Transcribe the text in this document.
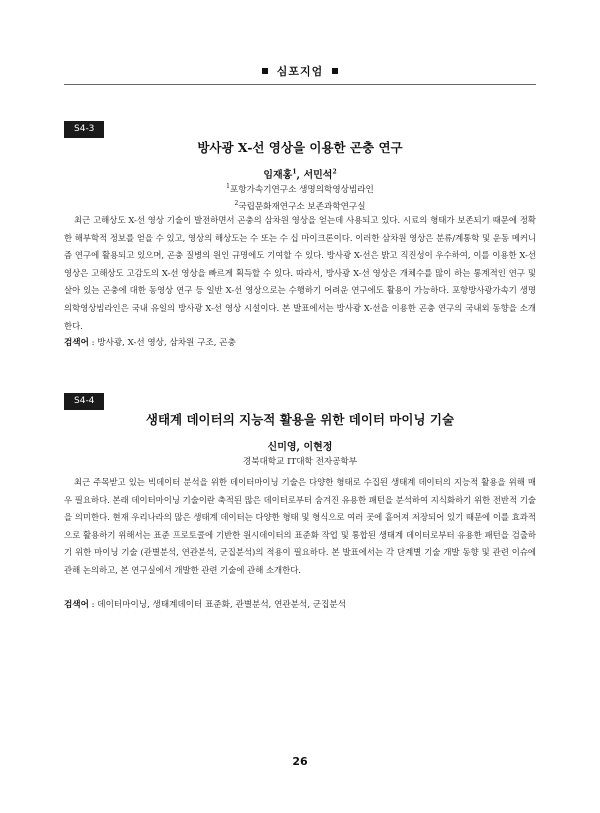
심포지엄
S4-3
방사광 X-선 영상을 이용한 곤충 연구
임재홍$^1$, 서민석$^2$
$^1$포항가속기연구소 생명의학영상빔라인
$^2$국립문화재연구소 보존과학연구실

최근 고해상도 X-선 영상 기술이 발전하면서 곤충의 삼차원 영상을 얻는데 사용되고 있다. 시료의 형태가 보존되기 때문에 정확한 해부학적 정보를 얻을 수 있고, 영상의 해상도는 수 또는 수 십 마이크론이다. 이러한 삼차원 영상은 분류/계통학 및 운동 메커니즘 연구에 활용되고 있으며, 곤충 질병의 원인 규명에도 기여할 수 있다. 방사광 X-선은 밝고 직진성이 우수하여, 이를 이용한 X-선 영상은 고해상도 고감도의 X-선 영상을 빠르게 획득할 수 있다. 따라서, 방사광 X-선 영상은 개체수를 많이 하는 통계적인 연구 및 살아 있는 곤충에 대한 동영상 연구 등 일반 X-선 영상으로는 수행하기 어려운 연구에도 활용이 가능하다. 포항방사광가속기 생명의학영상빔라인은 국내 유일의 방사광 X-선 영상 시설이다. 본 발표에서는 방사광 X-선을 이용한 곤충 연구의 국내외 동향을 소개한다.

검색어 : 방사광, X-선 영상, 삼차원 구조, 곤충
S4-4
생태계 데이터의 지능적 활용을 위한 데이터 마이닝 기술
신미영, 이현정
경북대학교 IT대학 전자공학부

최근 주목받고 있는 빅데이터 분석을 위한 데이터마이닝 기술은 다양한 형태로 수집된 생태계 데이터의 지능적 활용을 위해 매우 필요하다. 본래 데이터마이닝 기술이란 축적된 많은 데이터로부터 숨겨진 유용한 패턴을 분석하여 지식화하기 위한 전반적 기술을 의미한다. 현재 우리나라의 많은 생태계 데이터는 다양한 형태 및 형식으로 여러 곳에 흩어져 저장되어 있기 때문에 이를 효과적으로 활용하기 위해서는 표준 프로토콜에 기반한 원시데이터의 표준화 작업 및 통합된 생태계 데이터로부터 유용한 패턴을 검출하기 위한 마이닝 기술 (관별분석, 연관분석, 군집분석)의 적용이 필요하다. 본 발표에서는 각 단계별 기술 개발 동향 및 관련 이슈에 관해 논의하고, 본 연구실에서 개발한 관련 기술에 관해 소개한다.

검색어 : 데이터마이닝, 생태계데이터 표준화, 관별분석, 연관분석, 군집분석
26
